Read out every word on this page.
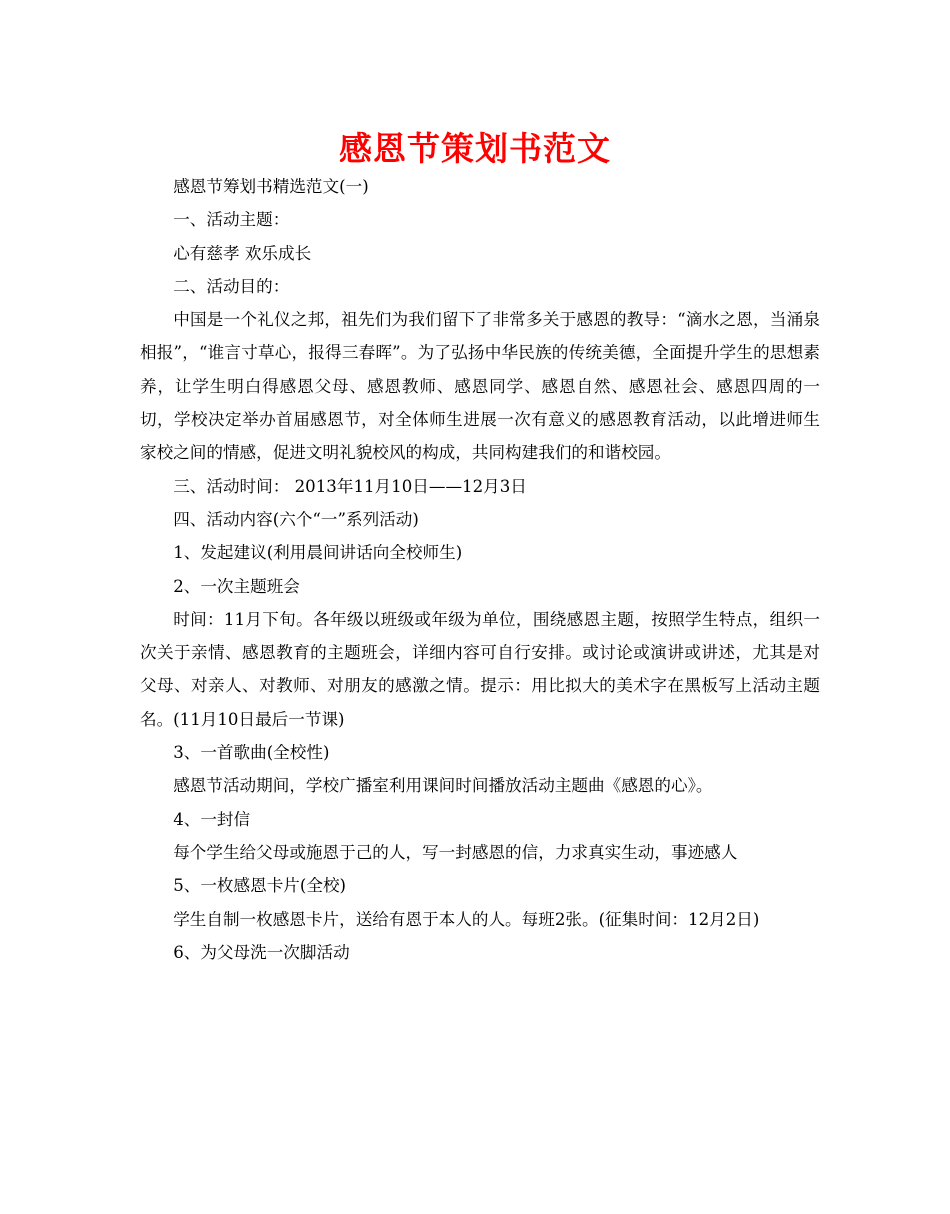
感恩节策划书范文

感恩节筹划书精选范文(一)

一、活动主题：

心有慈孝 欢乐成长

二、活动目的：

中国是一个礼仪之邦，祖先们为我们留下了非常多关于感恩的教导：“滴水之恩，当涌泉相报”，“谁言寸草心，报得三春晖”。为了弘扬中华民族的传统美德，全面提升学生的思想素养，让学生明白得感恩父母、感恩教师、感恩同学、感恩自然、感恩社会、感恩四周的一切，学校决定举办首届感恩节，对全体师生进展一次有意义的感恩教育活动，以此增进师生家校之间的情感，促进文明礼貌校风的构成，共同构建我们的和谐校园。

三、活动时间： 2013年11月10日——12月3日

四、活动内容(六个“一”系列活动)

1、发起建议(利用晨间讲话向全校师生)

2、一次主题班会

时间：11月下旬。各年级以班级或年级为单位，围绕感恩主题，按照学生特点，组织一次关于亲情、感恩教育的主题班会，详细内容可自行安排。或讨论或演讲或讲述，尤其是对父母、对亲人、对教师、对朋友的感激之情。提示：用比拟大的美术字在黑板写上活动主题名。(11月10日最后一节课)

3、一首歌曲(全校性)

感恩节活动期间，学校广播室利用课间时间播放活动主题曲《感恩的心》。

4、一封信

每个学生给父母或施恩于己的人，写一封感恩的信，力求真实生动，事迹感人

5、一枚感恩卡片(全校)

学生自制一枚感恩卡片，送给有恩于本人的人。每班2张。(征集时间：12月2日)

6、为父母洗一次脚活动
